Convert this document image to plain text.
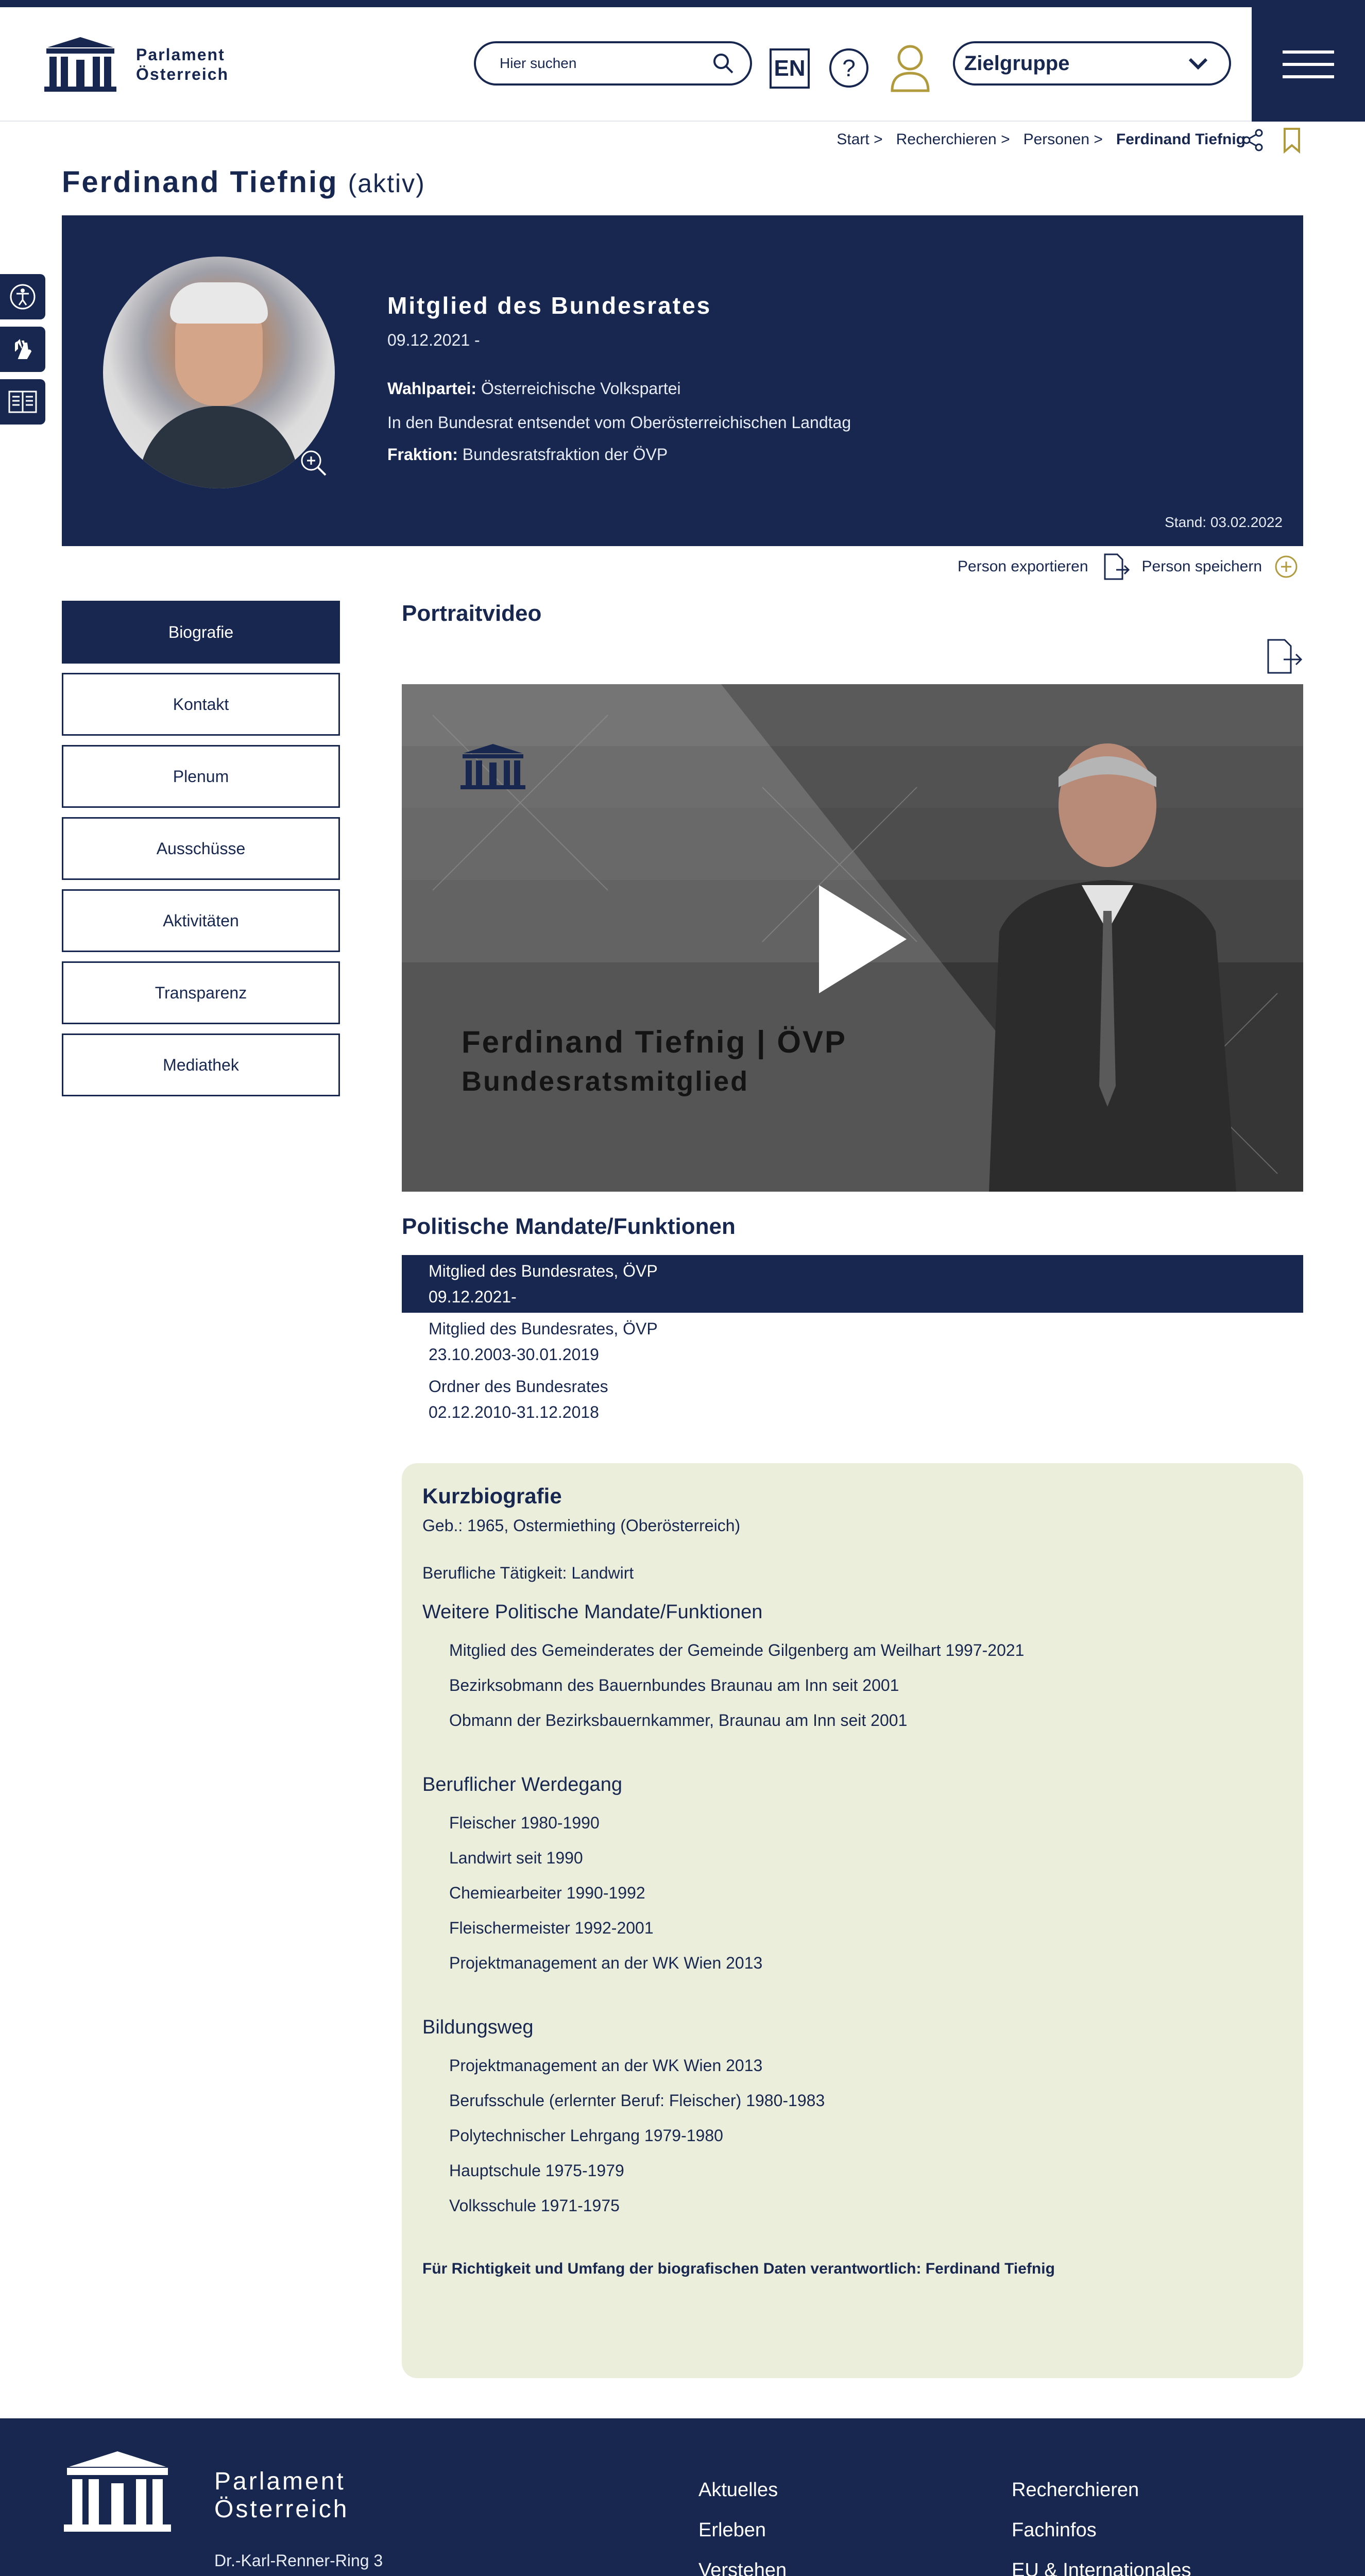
Parlament
Österreich
Hier suchen	EN ?	Zielgruppe
Start > Recherchieren > Personen > Ferdinand Tiefnig
Ferdinand Tiefnig (aktiv)
Mitglied des Bundesrates
09.12.2021 -
Wahlpartei: Österreichische Volkspartei
In den Bundesrat entsendet vom Oberösterreichischen Landtag
Fraktion: Bundesratsfraktion der ÖVP
Stand: 03.02.2022
Person exportieren	Person speichern
Biografie
Kontakt
Plenum
Ausschüsse
Aktivitäten
Transparenz
Mediathek
Portraitvideo
Ferdinand Tiefnig | ÖVP
Bundesratsmitglied
Politische Mandate/Funktionen
Mitglied des Bundesrates, ÖVP
09.12.2021-
Mitglied des Bundesrates, ÖVP
23.10.2003-30.01.2019
Ordner des Bundesrates
02.12.2010-31.12.2018
Kurzbiografie

Geb.: 1965, Ostermiething (Oberösterreich)

Berufliche Tätigkeit: Landwirt

Weitere Politische Mandate/Funktionen
Mitglied des Gemeinderates der Gemeinde Gilgenberg am Weilhart 1997-2021
Bezirksobmann des Bauernbundes Braunau am Inn seit 2001
Obmann der Bezirksbauernkammer, Braunau am Inn seit 2001
Beruflicher Werdegang
Fleischer 1980-1990
Landwirt seit 1990
Chemiearbeiter 1990-1992
Fleischermeister 1992-2001
Projektmanagement an der WK Wien 2013
Bildungsweg
Projektmanagement an der WK Wien 2013
Berufsschule (erlernter Beruf: Fleischer) 1980-1983
Polytechnischer Lehrgang 1979-1980
Hauptschule 1975-1979
Volksschule 1971-1975
Für Richtigkeit und Umfang der biografischen Daten verantwortlich: Ferdinand Tiefnig
Parlament
Österreich
Dr.-Karl-Renner-Ring 3
Aktuelles
Erleben
Verstehen
Recherchieren
Fachinfos
EU & Internationales
